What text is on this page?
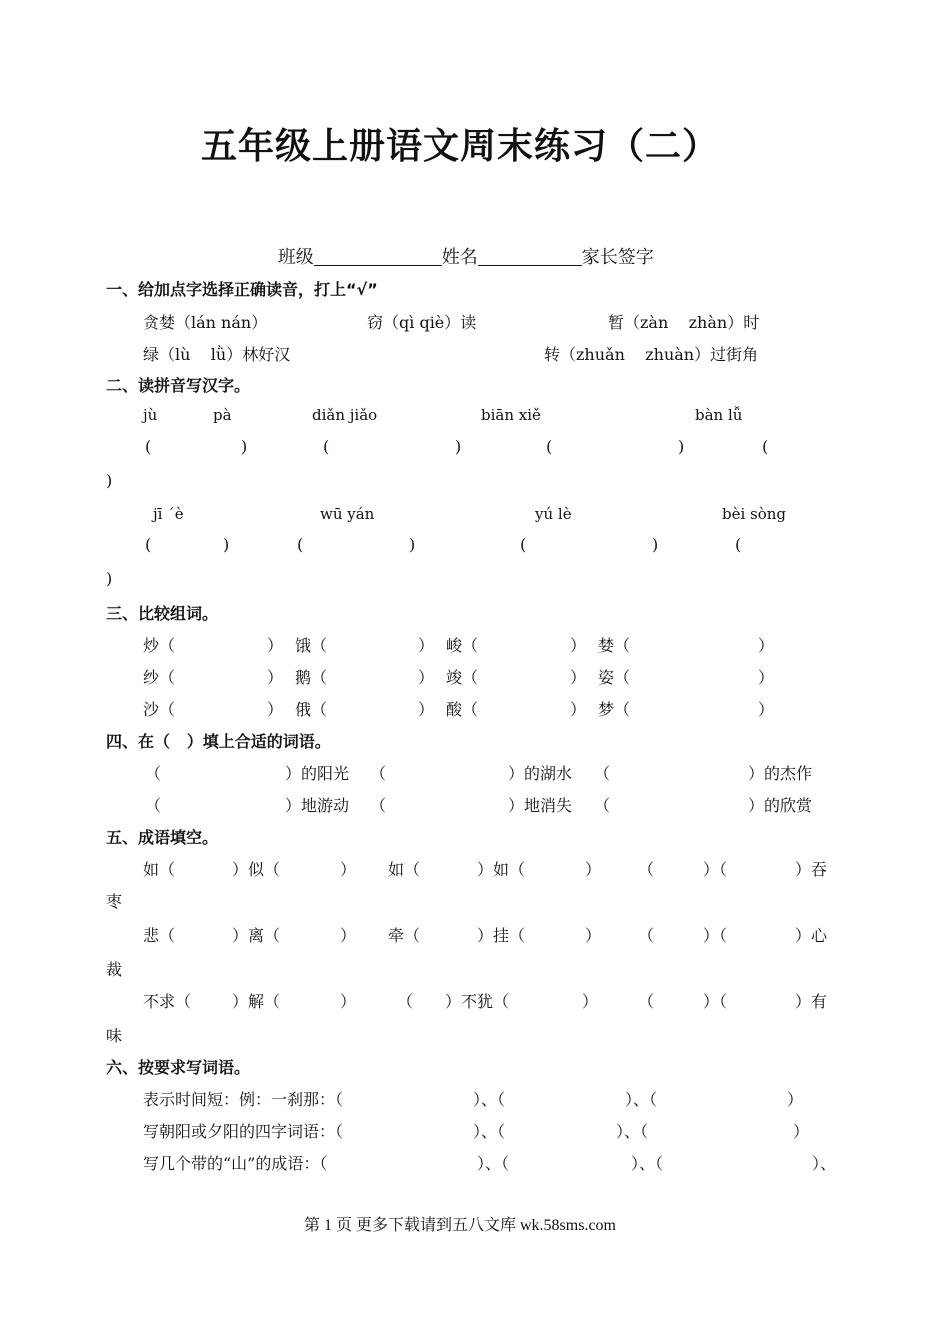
五年级上册语文周末练习（二）

班级	姓名	家长签字

一、给加点字选择正确读音，打上“√”
贪婪（lán nán）	窃（qì qiè）读	暂（zàn    zhàn）时
绿（lù    lǜ）林好汉	转（zhuǎn    zhuàn）过街角
二、读拼音写汉字。
jù	pà	diǎn jiǎo	biān xiě	bàn lǚ
(	)	(	)	(	)	(
)
jī ˊè	wū yán	yú lè	bèi sòng
(	)	(	)	(	)	(
)
三、比较组词。
炒（	） 饿（	） 峻（	） 婪（	）
纱（	） 鹅（	） 竣（	） 姿（	）
沙（	） 俄（	） 酸（	） 梦（	）
四、在（   ）填上合适的词语。
（	）的阳光 （	）的湖水 （	）的杰作
（	）地游动 （	）地消失 （	）的欣赏
五、成语填空。
如（	）似（	） 如（	）如（	） （	）（	）吞
枣
悲（	）离（	） 牵（	）挂（	） （	）（	）心
裁
不求（	）解（	）	（ ）不犹（	） （	）（	）有
味
六、按要求写词语。
表示时间短：例：一刹那：（	）、（	）、（	）
写朝阳或夕阳的四字词语：（	）、（	）、（	）
写几个带的“山”的成语：（	）、（	）、（	）、
第 1 页 更多下载请到五八文库 wk.58sms.com
